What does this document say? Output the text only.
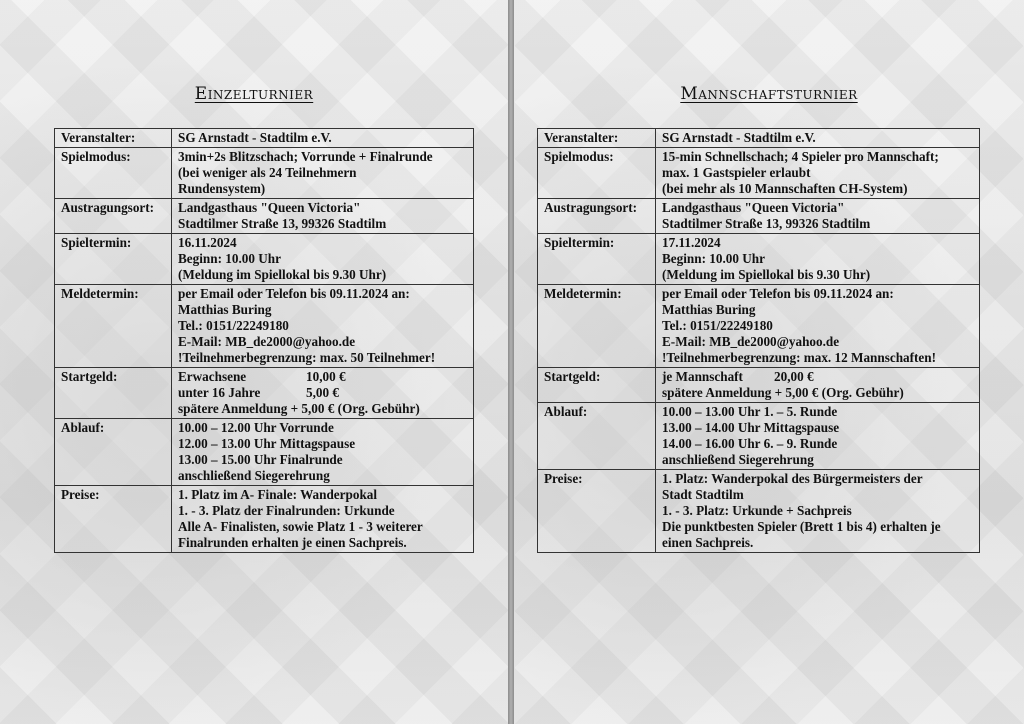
Einzelturnier
Veranstalter:	SG Arnstadt - Stadtilm e.V.

Spielmodus:	3min+2s Blitzschach; Vorrunde + Finalrunde
(bei weniger als 24 Teilnehmern
Rundensystem)

Austragungsort:	Landgasthaus "Queen Victoria"
Stadtilmer Straße 13, 99326 Stadtilm

Spieltermin:	16.11.2024
Beginn: 10.00 Uhr
(Meldung im Spiellokal bis 9.30 Uhr)

Meldetermin:	per Email oder Telefon bis 09.11.2024 an:
Matthias Buring
Tel.: 0151/22249180
E-Mail: MB_de2000@yahoo.de
!Teilnehmerbegrenzung: max. 50 Teilnehmer!

Startgeld:	Erwachsene 10,00 €
unter 16 Jahre 5,00 €
spätere Anmeldung + 5,00 € (Org. Gebühr)

Ablauf:	10.00 – 12.00 Uhr Vorrunde
12.00 – 13.00 Uhr Mittagspause
13.00 – 15.00 Uhr Finalrunde
anschließend Siegerehrung

Preise:	1. Platz im A- Finale: Wanderpokal
1. - 3. Platz der Finalrunden: Urkunde
Alle A- Finalisten, sowie Platz 1 - 3 weiterer
Finalrunden erhalten je einen Sachpreis.
Mannschaftsturnier
Veranstalter:	SG Arnstadt - Stadtilm e.V.

Spielmodus:	15-min Schnellschach; 4 Spieler pro Mannschaft;
max. 1 Gastspieler erlaubt
(bei mehr als 10 Mannschaften CH-System)

Austragungsort:	Landgasthaus "Queen Victoria"
Stadtilmer Straße 13, 99326 Stadtilm

Spieltermin:	17.11.2024
Beginn: 10.00 Uhr
(Meldung im Spiellokal bis 9.30 Uhr)

Meldetermin:	per Email oder Telefon bis 09.11.2024 an:
Matthias Buring
Tel.: 0151/22249180
E-Mail: MB_de2000@yahoo.de
!Teilnehmerbegrenzung: max. 12 Mannschaften!

Startgeld:	je Mannschaft 20,00 €
spätere Anmeldung + 5,00 € (Org. Gebühr)

Ablauf:	10.00 – 13.00 Uhr 1. – 5. Runde
13.00 – 14.00 Uhr Mittagspause
14.00 – 16.00 Uhr 6. – 9. Runde
anschließend Siegerehrung

Preise:	1. Platz: Wanderpokal des Bürgermeisters der
Stadt Stadtilm
1. - 3. Platz: Urkunde + Sachpreis
Die punktbesten Spieler (Brett 1 bis 4) erhalten je
einen Sachpreis.
